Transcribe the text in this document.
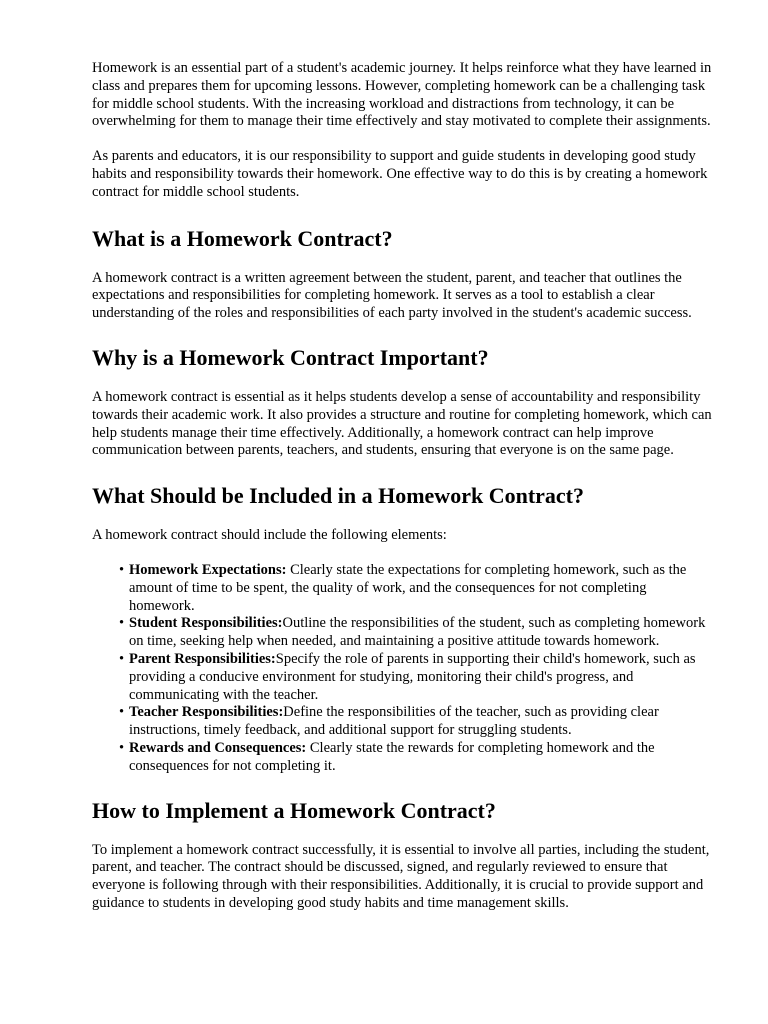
Homework is an essential part of a student's academic journey. It helps reinforce what they have learned in class and prepares them for upcoming lessons. However, completing homework can be a challenging task for middle school students. With the increasing workload and distractions from technology, it can be overwhelming for them to manage their time effectively and stay motivated to complete their assignments.

As parents and educators, it is our responsibility to support and guide students in developing good study habits and responsibility towards their homework. One effective way to do this is by creating a homework contract for middle school students.

What is a Homework Contract?

A homework contract is a written agreement between the student, parent, and teacher that outlines the expectations and responsibilities for completing homework. It serves as a tool to establish a clear understanding of the roles and responsibilities of each party involved in the student's academic success.

Why is a Homework Contract Important?

A homework contract is essential as it helps students develop a sense of accountability and responsibility towards their academic work. It also provides a structure and routine for completing homework, which can help students manage their time effectively. Additionally, a homework contract can help improve communication between parents, teachers, and students, ensuring that everyone is on the same page.

What Should be Included in a Homework Contract?

A homework contract should include the following elements:

• Homework Expectations: Clearly state the expectations for completing homework, such as the amount of time to be spent, the quality of work, and the consequences for not completing homework.
• Student Responsibilities:Outline the responsibilities of the student, such as completing homework on time, seeking help when needed, and maintaining a positive attitude towards homework.
• Parent Responsibilities:Specify the role of parents in supporting their child's homework, such as providing a conducive environment for studying, monitoring their child's progress, and communicating with the teacher.
• Teacher Responsibilities:Define the responsibilities of the teacher, such as providing clear instructions, timely feedback, and additional support for struggling students.
• Rewards and Consequences: Clearly state the rewards for completing homework and the consequences for not completing it.
How to Implement a Homework Contract?

To implement a homework contract successfully, it is essential to involve all parties, including the student, parent, and teacher. The contract should be discussed, signed, and regularly reviewed to ensure that everyone is following through with their responsibilities. Additionally, it is crucial to provide support and guidance to students in developing good study habits and time management skills.
